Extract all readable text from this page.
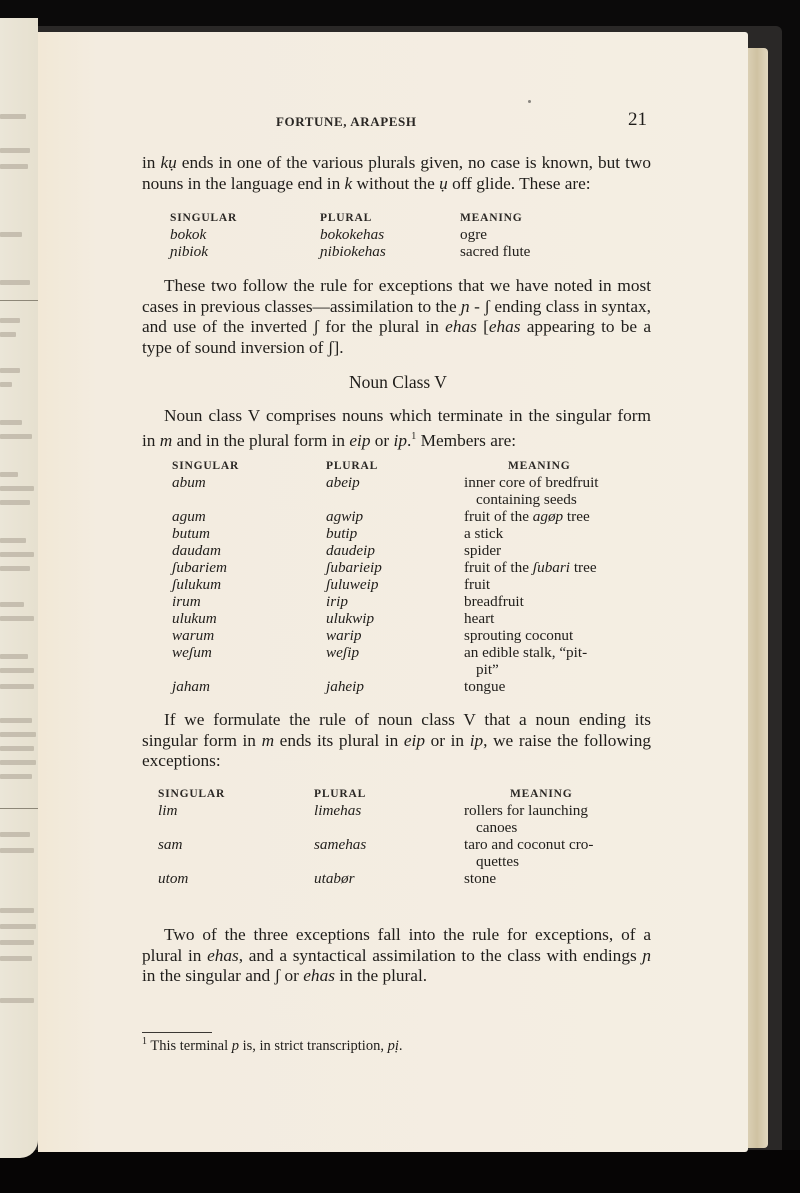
FORTUNE, ARAPESH	21
in kụ ends in one of the various plurals given, no case is known, but two nouns in the language end in k without the ụ off glide. These are:
SINGULAR	PLURAL	MEANING
bokok	bokokehas	ogre
ɲibiok	ɲibiokehas	sacred flute
These two follow the rule for exceptions that we have noted in most cases in previous classes—assimilation to the ɲ - ʃ ending class in syntax, and use of the inverted ʃ for the plural in ehas [ehas appearing to be a type of sound inversion of ʃ].
Noun Class V
Noun class V comprises nouns which terminate in the singular form in m and in the plural form in eip or ip.$^1$ Members are:
SINGULAR	PLURAL	MEANING
abum	abeip	inner core of bredfruit
containing seeds
agum	agwip	fruit of the agøp tree
butum	butip	a stick
daudam	daudeip	spider
ʃubariem	ʃubarieip	fruit of the ʃubari tree
ʃulukum	ʃuluweip	fruit
irum	irip	breadfruit
ulukum	ulukwip	heart
warum	warip	sprouting coconut
weʃum	weʃip	an edible stalk, “pit-
pit”
jaham	jaheip	tongue
If we formulate the rule of noun class V that a noun ending its singular form in m ends its plural in eip or in ip, we raise the following exceptions:
SINGULAR	PLURAL	MEANING
lim	limehas	rollers for launching
canoes
sam	samehas	taro and coconut cro-
quettes
utom	utabør	stone
Two of the three exceptions fall into the rule for exceptions, of a plural in ehas, and a syntactical assimilation to the class with endings ɲ in the singular and ʃ or ehas in the plural.
$^1$ This terminal p is, in strict transcription, pị.
